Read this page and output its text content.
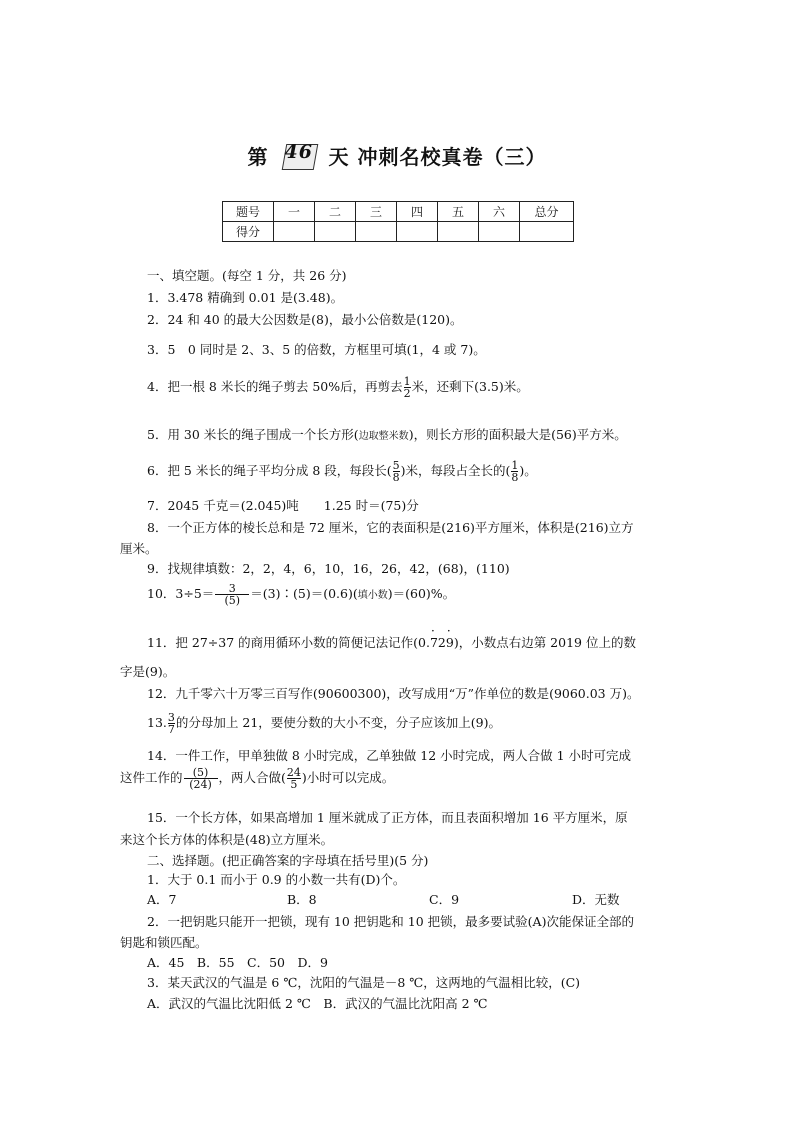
第 46 天 冲刺名校真卷（三）
题号	一	二	三	四	五	六	总分
得分							
一、填空题。(每空 1 分，共 26 分)
1．3.478 精确到 0.01 是(3.48)。
2．24 和 40 的最大公因数是(8)，最小公倍数是(120)。
3．5　0 同时是 2、3、5 的倍数，方框里可填(1，4 或 7)。
4．把一根 8 米长的绳子剪去 50%后，再剪去 $\frac{1}{2}$ 米，还剩下(3.5)米。
5．用 30 米长的绳子围成一个长方形(边取整米数)，则长方形的面积最大是(56)平方米。
6．把 5 米长的绳子平均分成 8 段，每段长( $\frac{5}{8}$ )米，每段占全长的( $\frac{1}{8}$ )。
7．2045 千克＝(2.045)吨　　1.25 时＝(75)分
8．一个正方体的棱长总和是 72 厘米，它的表面积是(216)平方厘米，体积是(216)立方
厘米。
9．找规律填数：2，2，4，6，10，16，26，42，(68)，(110)
10．$3\div 5= \frac{3}{(5)}$ ＝(3)∶(5)＝(0.6)(填小数)＝(60)%。
11．把 27÷37 的商用循环小数的简便记法记作(0.· 72· 9)，小数点右边第 2019 位上的数
字是(9)。
12．九千零六十万零三百写作(90600300)，改写成用“万”作单位的数是(9060.03 万)。
13. $\frac{3}{7}$ 的分母加上 21，要使分数的大小不变，分子应该加上(9)。
14．一件工作，甲单独做 8 小时完成，乙单独做 12 小时完成，两人合做 1 小时可完成
这件工作的 $\frac{(5)}{(24)}$ ，两人合做( $\frac{24}{5}$ )小时可以完成。
15．一个长方体，如果高增加 1 厘米就成了正方体，而且表面积增加 16 平方厘米，原
来这个长方体的体积是(48)立方厘米。
二、选择题。(把正确答案的字母填在括号里)(5 分)
1．大于 0.1 而小于 0.9 的小数一共有(D)个。
A．7	B．8	C．9	D．无数
2．一把钥匙只能开一把锁，现有 10 把钥匙和 10 把锁，最多要试验(A)次能保证全部的
钥匙和锁匹配。
A．45　B．55　C．50　D．9
3．某天武汉的气温是 6 ℃，沈阳的气温是－8 ℃，这两地的气温相比较，(C)
A．武汉的气温比沈阳低 2 ℃　B．武汉的气温比沈阳高 2 ℃
